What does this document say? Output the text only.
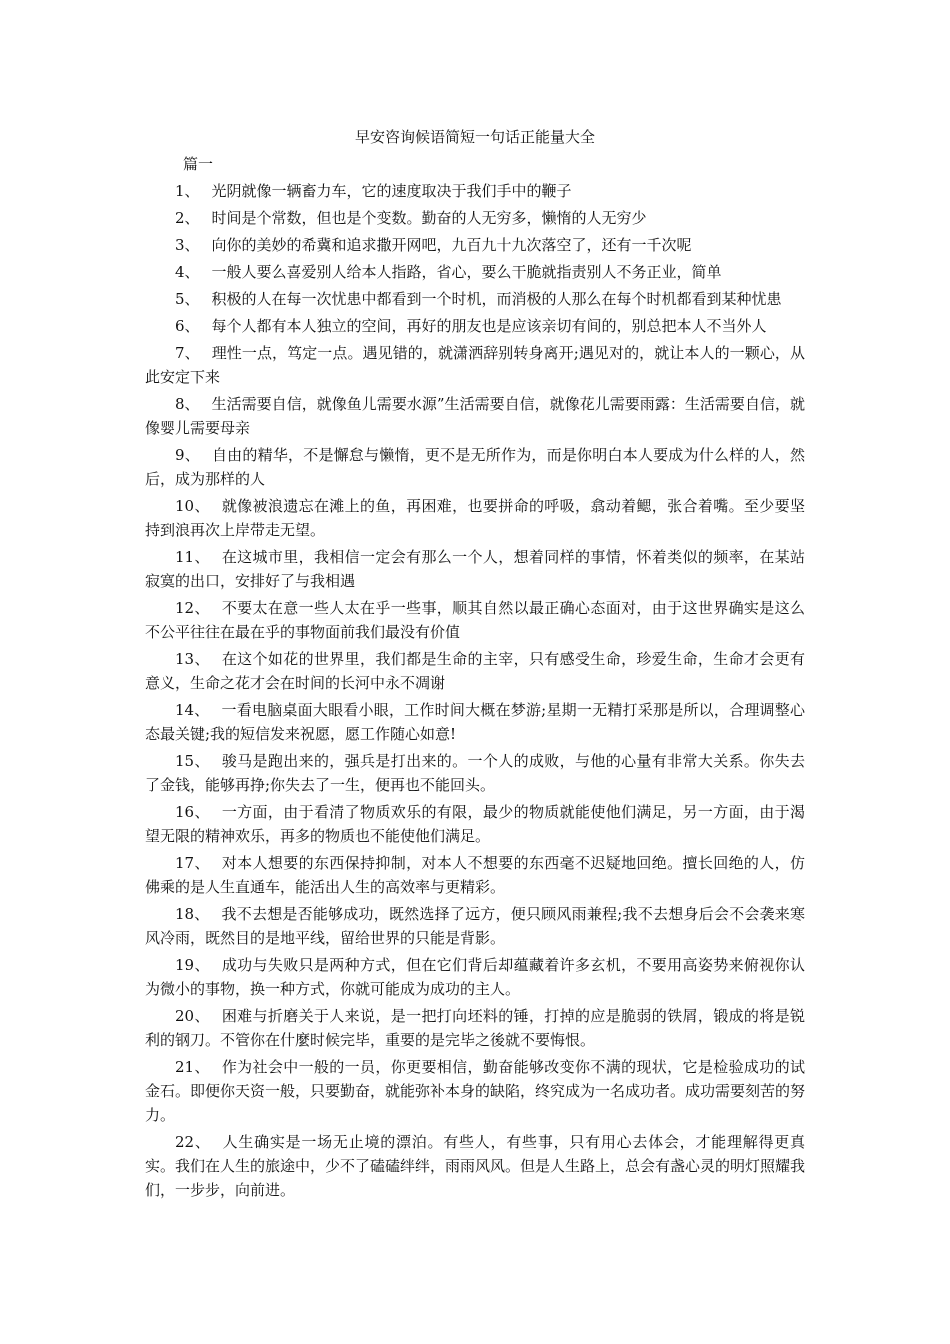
早安咨询候语简短一句话正能量大全
篇一
1、 光阴就像一辆畜力车，它的速度取决于我们手中的鞭子
2、 时间是个常数，但也是个变数。勤奋的人无穷多，懒惰的人无穷少
3、 向你的美妙的希冀和追求撒开网吧，九百九十九次落空了，还有一千次呢
4、 一般人要么喜爱别人给本人指路，省心，要么干脆就指责别人不务正业，简单
5、 积极的人在每一次忧患中都看到一个时机，而消极的人那么在每个时机都看到某种忧患
6、 每个人都有本人独立的空间，再好的朋友也是应该亲切有间的，别总把本人不当外人
7、 理性一点，笃定一点。遇见错的，就潇洒辞别转身离开;遇见对的，就让本人的一颗心，从此安定下来
8、 生活需要自信，就像鱼儿需要水源”生活需要自信，就像花儿需要雨露：生活需要自信，就像婴儿需要母亲
9、 自由的精华，不是懈怠与懒惰，更不是无所作为，而是你明白本人要成为什么样的人，然后，成为那样的人
10、 就像被浪遗忘在滩上的鱼，再困难，也要拼命的呼吸，翕动着鳃，张合着嘴。至少要坚持到浪再次上岸带走无望。
11、 在这城市里，我相信一定会有那么一个人，想着同样的事情，怀着类似的频率，在某站寂寞的出口，安排好了与我相遇
12、 不要太在意一些人太在乎一些事，顺其自然以最正确心态面对，由于这世界确实是这么不公平往往在最在乎的事物面前我们最没有价值
13、 在这个如花的世界里，我们都是生命的主宰，只有感受生命，珍爱生命，生命才会更有意义，生命之花才会在时间的长河中永不凋谢
14、 一看电脑桌面大眼看小眼，工作时间大概在梦游;星期一无精打采那是所以，合理调整心态最关键;我的短信发来祝愿，愿工作随心如意!
15、 骏马是跑出来的，强兵是打出来的。一个人的成败，与他的心量有非常大关系。你失去了金钱，能够再挣;你失去了一生，便再也不能回头。
16、 一方面，由于看清了物质欢乐的有限，最少的物质就能使他们满足，另一方面，由于渴望无限的精神欢乐，再多的物质也不能使他们满足。
17、 对本人想要的东西保持抑制，对本人不想要的东西毫不迟疑地回绝。擅长回绝的人，仿佛乘的是人生直通车，能活出人生的高效率与更精彩。
18、 我不去想是否能够成功，既然选择了远方，便只顾风雨兼程;我不去想身后会不会袭来寒风冷雨，既然目的是地平线，留给世界的只能是背影。
19、 成功与失败只是两种方式，但在它们背后却蕴藏着许多玄机，不要用高姿势来俯视你认为微小的事物，换一种方式，你就可能成为成功的主人。
20、 困难与折磨关于人来说，是一把打向坯料的锤，打掉的应是脆弱的铁屑，锻成的将是锐利的钢刀。不管你在什麼时候完毕，重要的是完毕之後就不要悔恨。
21、 作为社会中一般的一员，你更要相信，勤奋能够改变你不满的现状，它是检验成功的试金石。即便你天资一般，只要勤奋，就能弥补本身的缺陷，终究成为一名成功者。成功需要刻苦的努力。
22、 人生确实是一场无止境的漂泊。有些人，有些事，只有用心去体会，才能理解得更真实。我们在人生的旅途中，少不了磕磕绊绊，雨雨风风。但是人生路上，总会有盏心灵的明灯照耀我们，一步步，向前进。
